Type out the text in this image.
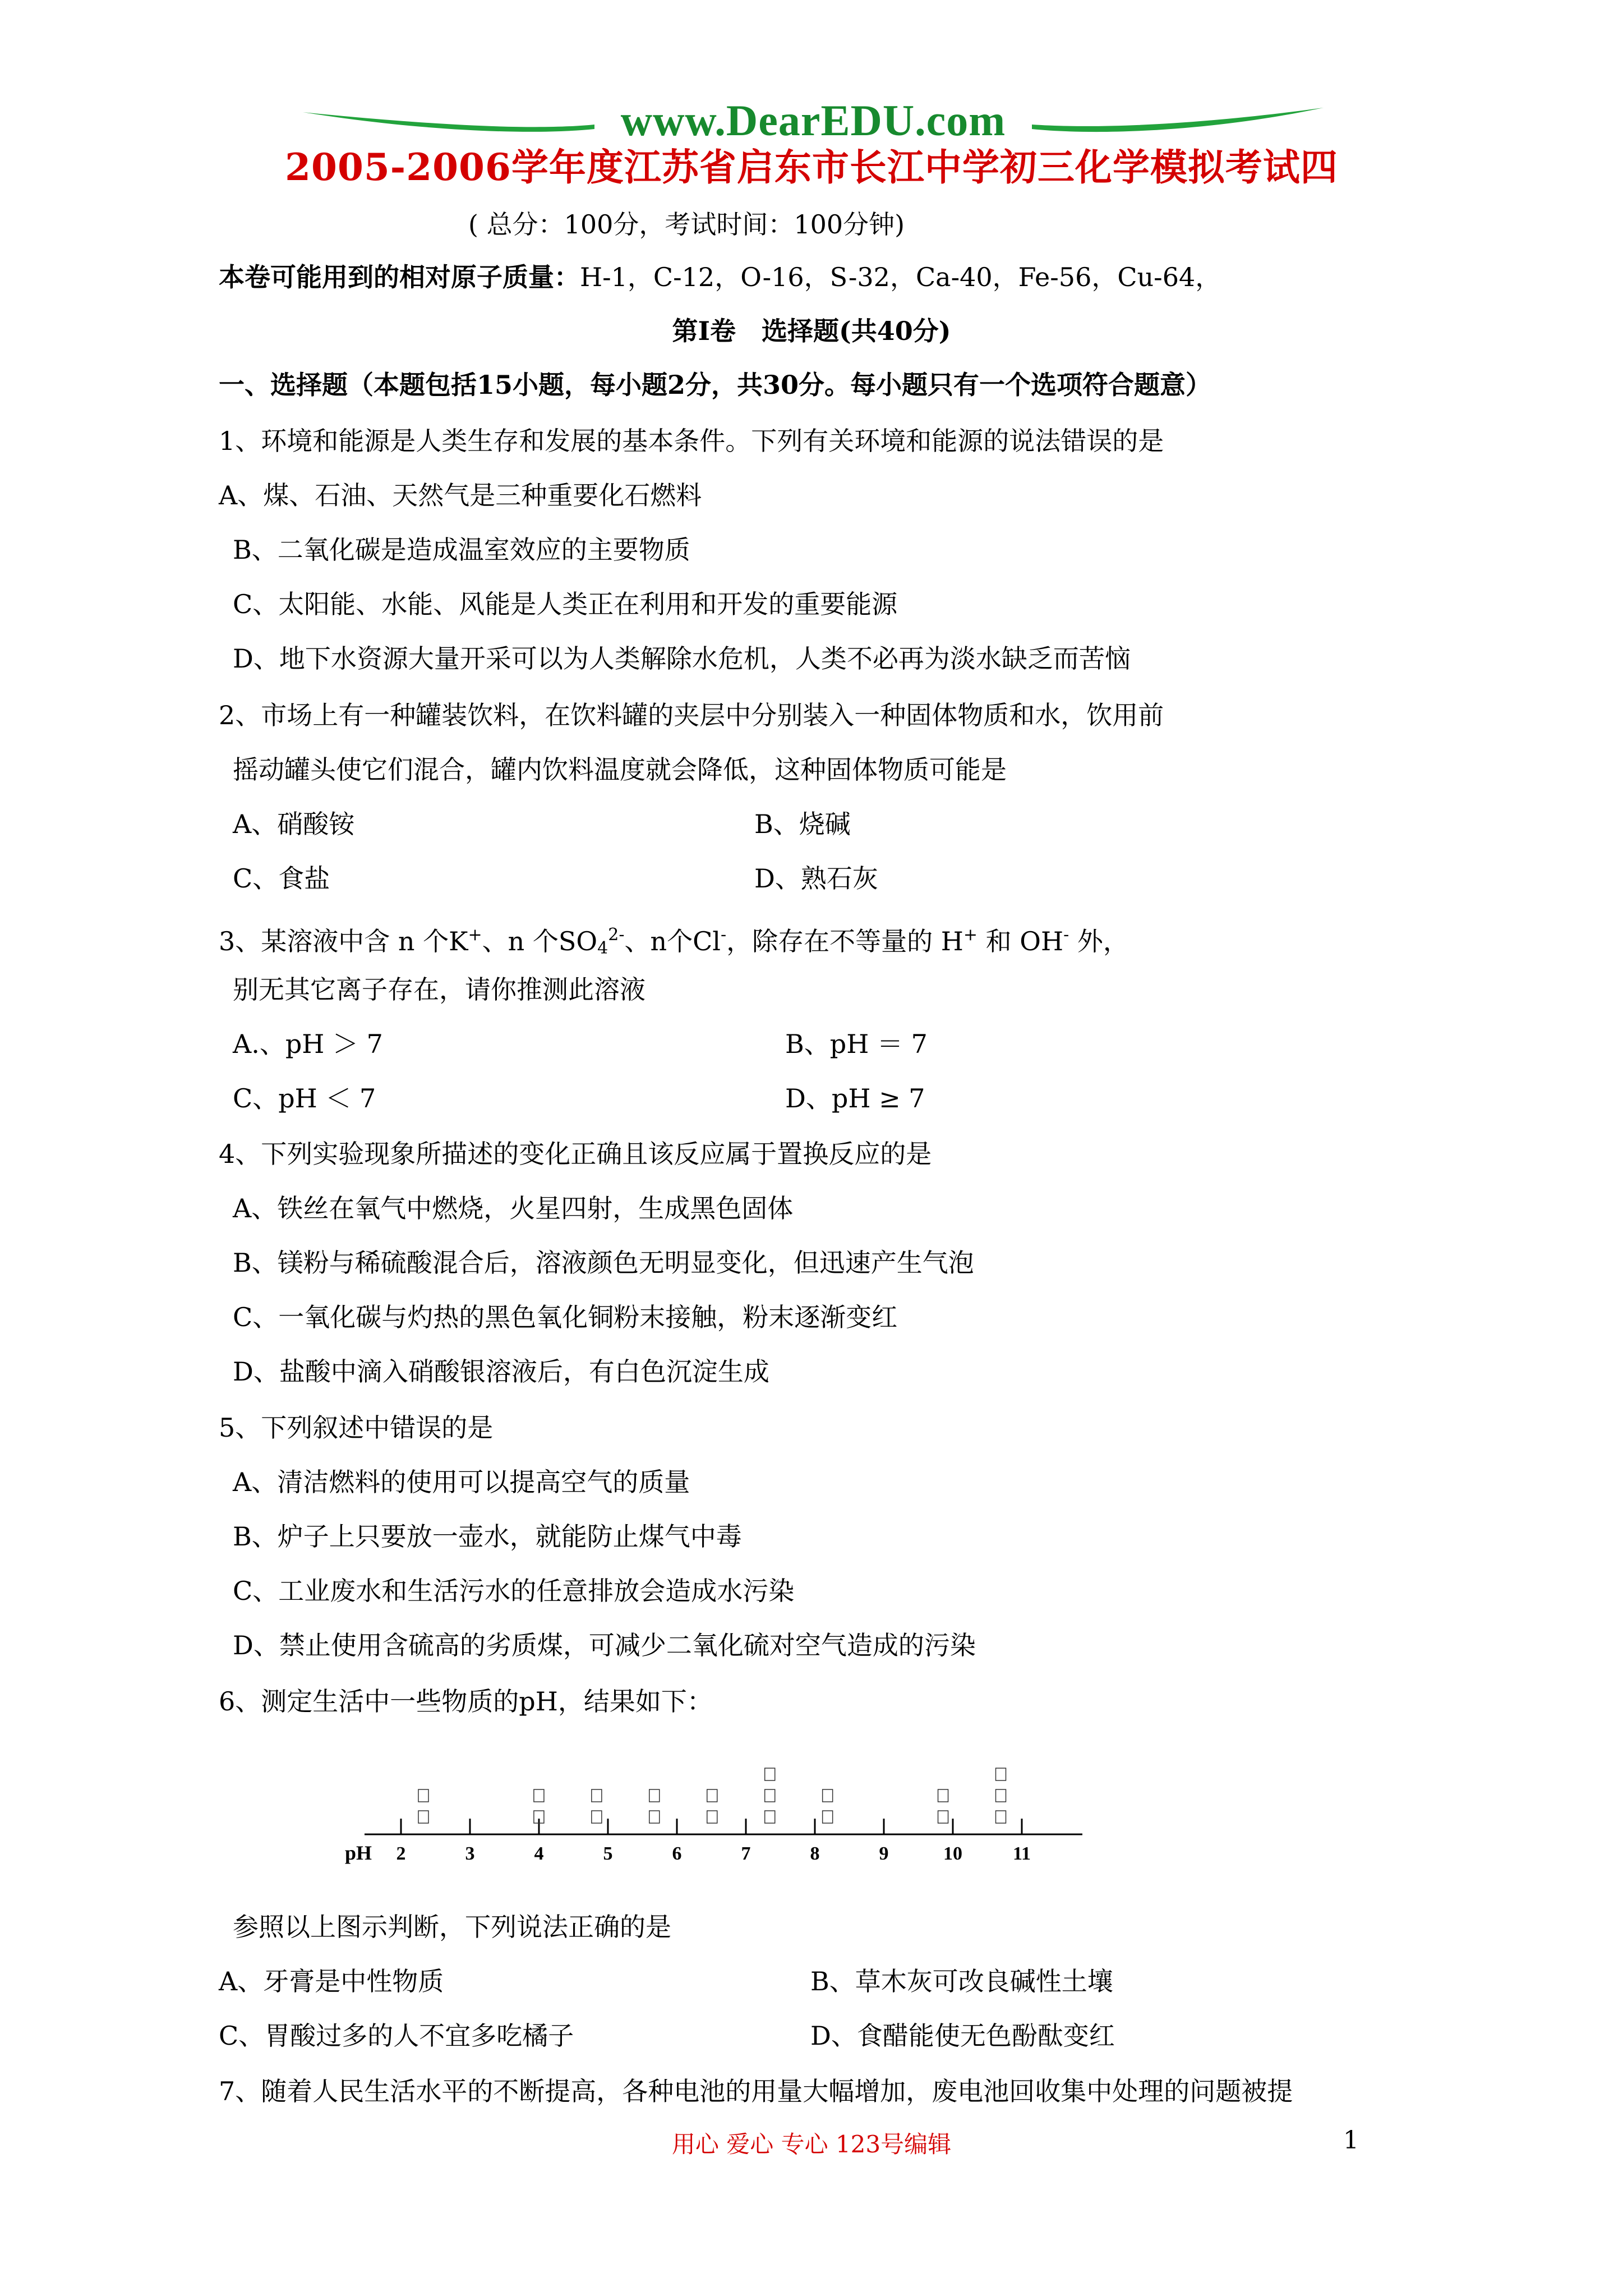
www.DearEDU.com
2005-2006学年度江苏省启东市长江中学初三化学模拟考试四
( 总分：100分，考试时间：100分钟)
本卷可能用到的相对原子质量：H-1，C-12，O-16，S-32，Ca-40，Fe-56，Cu-64，
第Ⅰ卷　选择题(共40分)
一、选择题（本题包括15小题，每小题2分，共30分。每小题只有一个选项符合题意）
1、环境和能源是人类生存和发展的基本条件。下列有关环境和能源的说法错误的是
A、煤、石油、天然气是三种重要化石燃料
B、二氧化碳是造成温室效应的主要物质
C、太阳能、水能、风能是人类正在利用和开发的重要能源
D、地下水资源大量开采可以为人类解除水危机，人类不必再为淡水缺乏而苦恼
2、市场上有一种罐装饮料，在饮料罐的夹层中分别装入一种固体物质和水，饮用前
摇动罐头使它们混合，罐内饮料温度就会降低，这种固体物质可能是
A、硝酸铵	B、烧碱
C、食盐	D、熟石灰
3、某溶液中含 n 个K+、n 个$SO_4^{2-}$、n个Cl-，除存在不等量的 H+ 和 OH- 外，
别无其它离子存在，请你推测此溶液
A.、pH ＞ 7	B、pH ＝ 7
C、pH ＜ 7	D、pH ≥ 7
4、下列实验现象所描述的变化正确且该反应属于置换反应的是
A、铁丝在氧气中燃烧，火星四射，生成黑色固体
B、镁粉与稀硫酸混合后，溶液颜色无明显变化，但迅速产生气泡
C、一氧化碳与灼热的黑色氧化铜粉末接触，粉末逐渐变红
D、盐酸中滴入硝酸银溶液后，有白色沉淀生成
5、下列叙述中错误的是
A、清洁燃料的使用可以提高空气的质量
B、炉子上只要放一壶水，就能防止煤气中毒
C、工业废水和生活污水的任意排放会造成水污染
D、禁止使用含硫高的劣质煤，可减少二氧化硫对空气造成的污染
6、测定生活中一些物质的pH，结果如下：
pH 2	3	4	5	6	7	8	9	10	11
参照以上图示判断，下列说法正确的是
A、牙膏是中性物质	B、草木灰可改良碱性土壤
C、胃酸过多的人不宜多吃橘子	D、食醋能使无色酚酞变红
7、随着人民生活水平的不断提高，各种电池的用量大幅增加，废电池回收集中处理的问题被提
用心 爱心 专心 123号编辑	1
